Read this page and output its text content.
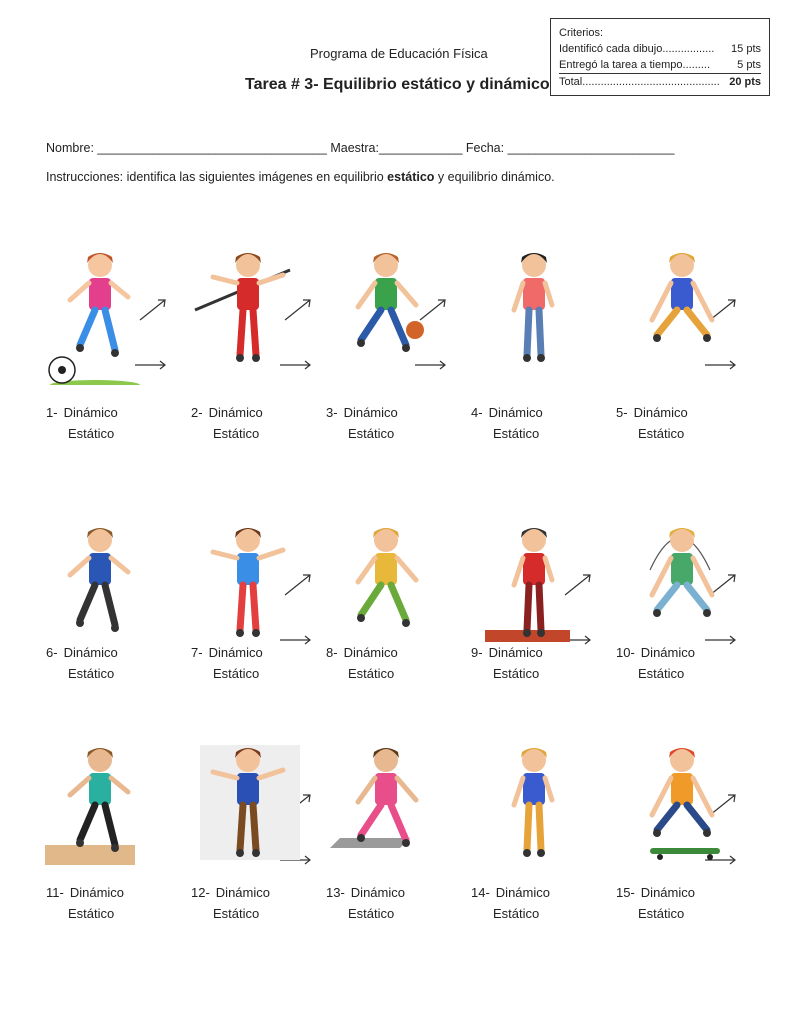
Programa de Educación Física
Tarea # 3- Equilibrio estático y dinámico
Criterios:
Identificó cada dibujo .................	15 pts
Entregó la tarea a tiempo .........	5 pts
Total ............................................. 20 pts
Nombre: _________________________________ Maestra:____________ Fecha: ________________________
Instrucciones: identifica las siguientes imágenes en equilibrio estático y equilibrio dinámico.
1- Dinámico
Estático
2- Dinámico
Estático
3- Dinámico
Estático
4- Dinámico
Estático
5- Dinámico
Estático
6- Dinámico
Estático
7- Dinámico
Estático
8- Dinámico
Estático
9- Dinámico
Estático
10- Dinámico
Estático
11- Dinámico
Estático
12- Dinámico
Estático
13- Dinámico
Estático
14- Dinámico
Estático
15- Dinámico
Estático
